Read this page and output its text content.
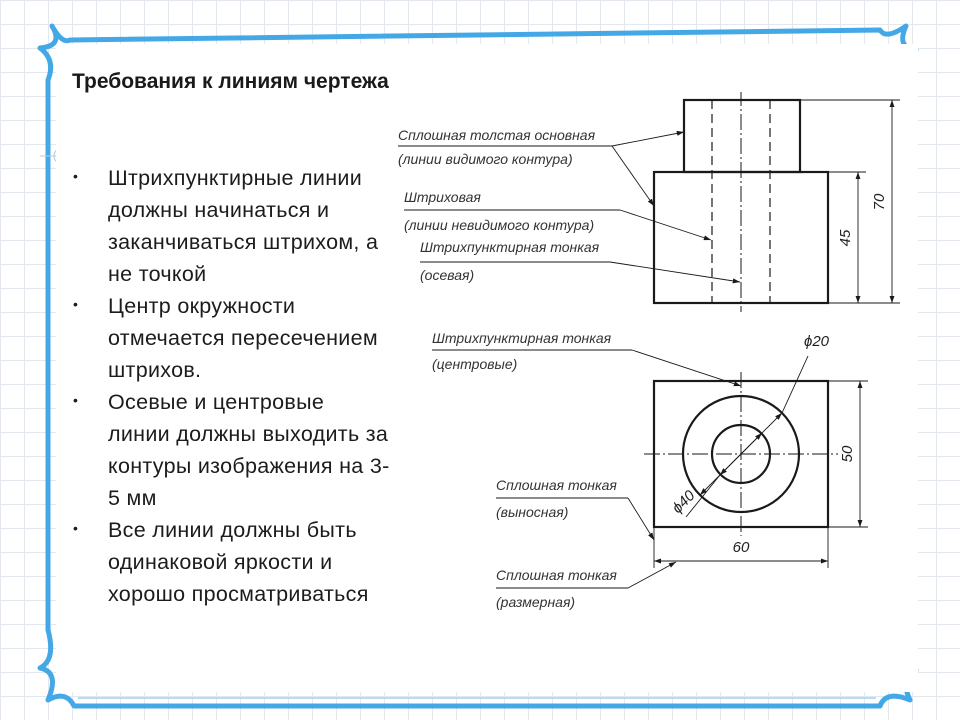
Требования к линиям чертежа
• Штрихпунктирные линии должны начинаться и заканчиваться штрихом, а не точкой
• Центр окружности отмечается пересечением штрихов.
• Осевые и центровые линии должны выходить за контуры изображения на 3-5 мм
• Все линии должны быть одинаковой яркости и хорошо просматриваться
70
45
Сплошная толстая основная
(линии видимого контура)
Штриховая
(линии невидимого контура)
Штрихпунктирная тонкая
(осевая)
ϕ20
ϕ40
50
60
Штрихпунктирная тонкая
(центровые)
Сплошная тонкая
(выносная)
Сплошная тонкая
(размерная)
